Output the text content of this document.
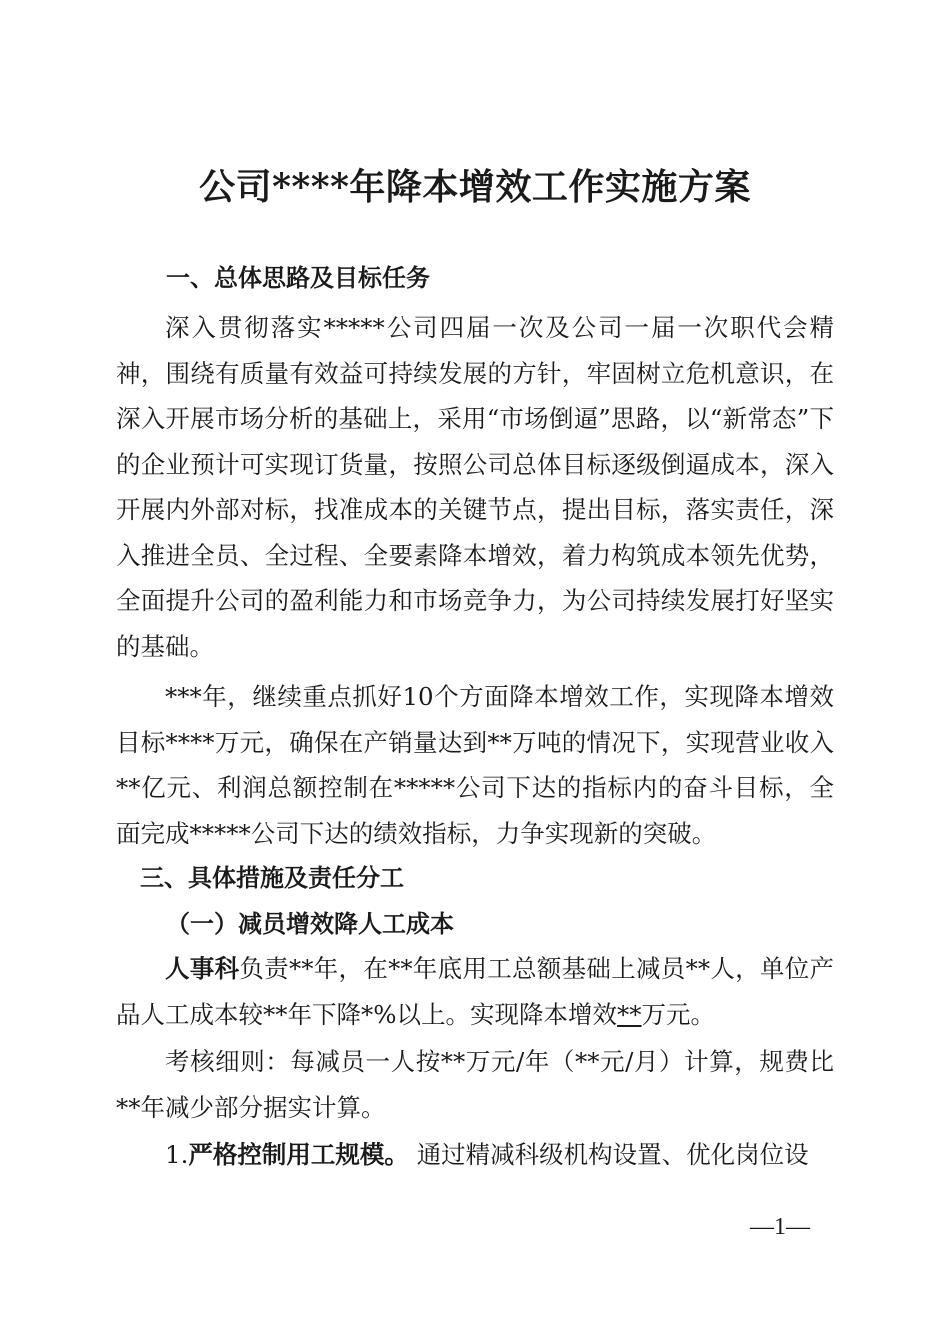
公司****年降本增效工作实施方案
一、总体思路及目标任务

深入贯彻落实*****公司四届一次及公司一届一次职代会精神，围绕有质量有效益可持续发展的方针，牢固树立危机意识，在深入开展市场分析的基础上，采用“市场倒逼”思路，以“新常态”下的企业预计可实现订货量，按照公司总体目标逐级倒逼成本，深入开展内外部对标，找准成本的关键节点，提出目标，落实责任，深入推进全员、全过程、全要素降本增效，着力构筑成本领先优势，全面提升公司的盈利能力和市场竞争力，为公司持续发展打好坚实的基础。

***年，继续重点抓好10个方面降本增效工作，实现降本增效目标****万元，确保在产销量达到**万吨的情况下，实现营业收入**亿元、利润总额控制在*****公司下达的指标内的奋斗目标，全面完成*****公司下达的绩效指标，力争实现新的突破。

三、具体措施及责任分工
（一）减员增效降人工成本

人事科负责**年，在**年底用工总额基础上减员**人，单位产品人工成本较**年下降*%以上。实现降本增效**万元。

考核细则：每减员一人按**万元/年（**元/月）计算，规费比**年减少部分据实计算。

1.严格控制用工规模。 通过精减科级机构设置、优化岗位设

—1—
